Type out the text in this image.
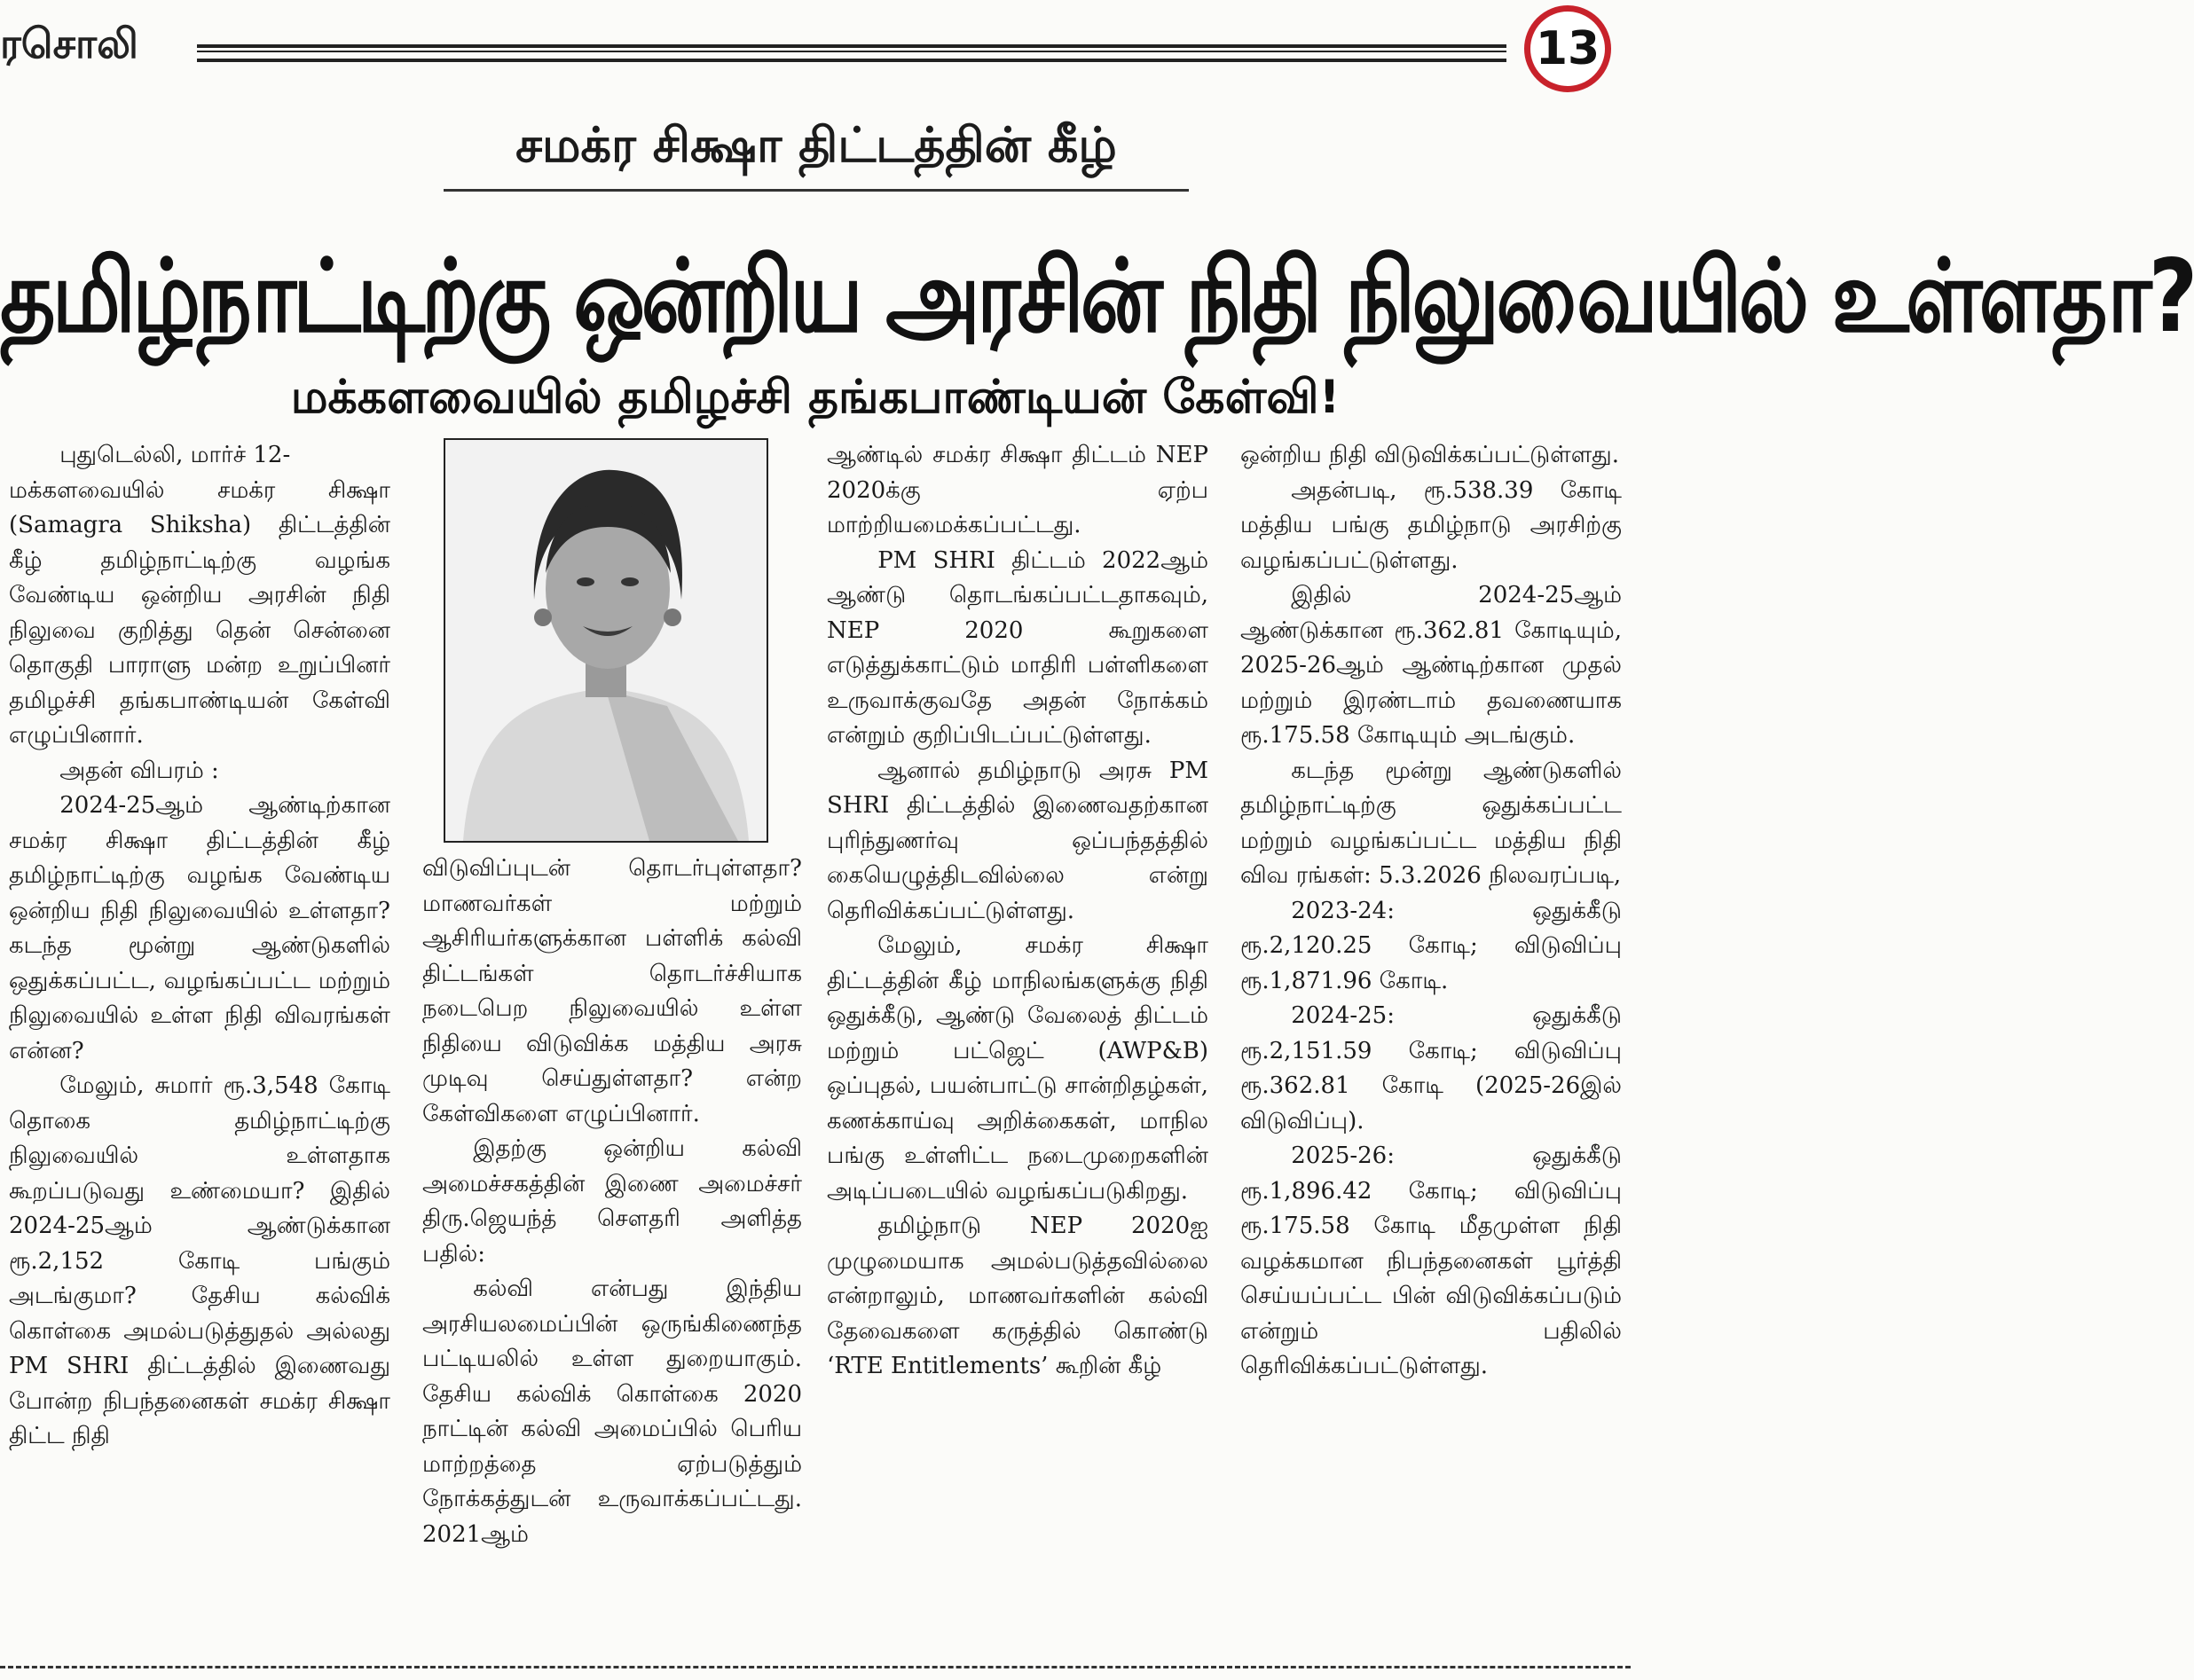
ரசொலி	13
சமக்ர சிக்ஷா திட்டத்தின் கீழ்
தமிழ்நாட்டிற்கு ஒன்றிய அரசின் நிதி நிலுவையில் உள்ளதா?
மக்களவையில் தமிழச்சி தங்கபாண்டியன் கேள்வி!

புதுடெல்லி, மார்ச் 12-

மக்களவையில் சமக்ர சிக்ஷா (Samagra Shiksha) திட்டத்தின் கீழ் தமிழ்நாட்டிற்கு வழங்க வேண்டிய ஒன்றிய அரசின் நிதி நிலுவை குறித்து தென் சென்னை தொகுதி பாராளு மன்ற உறுப்பினர் தமிழச்சி தங்கபாண்டியன் கேள்வி எழுப்பினார்.

அதன் விபரம் :

2024-25ஆம் ஆண்டிற்கான சமக்ர சிக்ஷா திட்டத்தின் கீழ் தமிழ்நாட்டிற்கு வழங்க வேண்டிய ஒன்றிய நிதி நிலுவையில் உள்ளதா? கடந்த மூன்று ஆண்டுகளில் ஒதுக்கப்பட்ட, வழங்கப்பட்ட மற்றும் நிலுவையில் உள்ள நிதி விவரங்கள் என்ன?

மேலும், சுமார் ரூ.3,548 கோடி தொகை தமிழ்நாட்டிற்கு நிலுவையில் உள்ளதாக கூறப்படுவது உண்மையா? இதில் 2024-25ஆம் ஆண்டுக்கான ரூ.2,152 கோடி பங்கும் அடங்குமா? தேசிய கல்விக் கொள்கை அமல்படுத்துதல் அல்லது PM SHRI திட்டத்தில் இணைவது போன்ற நிபந்தனைகள் சமக்ர சிக்ஷா திட்ட நிதி

விடுவிப்புடன் தொடர்புள்ளதா? மாணவர்கள் மற்றும் ஆசிரியர்களுக்கான பள்ளிக் கல்வி திட்டங்கள் தொடர்ச்சியாக நடைபெற நிலுவையில் உள்ள நிதியை விடுவிக்க மத்திய அரசு முடிவு செய்துள்ளதா? என்ற கேள்விகளை எழுப்பினார்.

இதற்கு ஒன்றிய கல்வி அமைச்சகத்தின் இணை அமைச்சர் திரு.ஜெயந்த் சௌதரி அளித்த பதில்:

கல்வி என்பது இந்திய அரசியலமைப்பின் ஒருங்கிணைந்த பட்டியலில் உள்ள துறையாகும். தேசிய கல்விக் கொள்கை 2020 நாட்டின் கல்வி அமைப்பில் பெரிய மாற்றத்தை ஏற்படுத்தும் நோக்கத்துடன் உருவாக்கப்பட்டது. 2021ஆம்

ஆண்டில் சமக்ர சிக்ஷா திட்டம் NEP 2020க்கு ஏற்ப மாற்றியமைக்கப்பட்டது.

PM SHRI திட்டம் 2022ஆம் ஆண்டு தொடங்கப்பட்டதாகவும், NEP 2020 கூறுகளை எடுத்துக்காட்டும் மாதிரி பள்ளிகளை உருவாக்குவதே அதன் நோக்கம் என்றும் குறிப்பிடப்பட்டுள்ளது.

ஆனால் தமிழ்நாடு அரசு PM SHRI திட்டத்தில் இணைவதற்கான புரிந்துணர்வு ஒப்பந்தத்தில் கையெழுத்திடவில்லை என்று தெரிவிக்கப்பட்டுள்ளது.

மேலும், சமக்ர சிக்ஷா திட்டத்தின் கீழ் மாநிலங்களுக்கு நிதி ஒதுக்கீடு, ஆண்டு வேலைத் திட்டம் மற்றும் பட்ஜெட் (AWP&B) ஒப்புதல், பயன்பாட்டு சான்றிதழ்கள், கணக்காய்வு அறிக்கைகள், மாநில பங்கு உள்ளிட்ட நடைமுறைகளின் அடிப்படையில் வழங்கப்படுகிறது.

தமிழ்நாடு NEP 2020ஐ முழுமையாக அமல்படுத்தவில்லை என்றாலும், மாணவர்களின் கல்வி தேவைகளை கருத்தில் கொண்டு ‘RTE Entitlements’ கூறின் கீழ்

ஒன்றிய நிதி விடுவிக்கப்பட்டுள்ளது.

அதன்படி, ரூ.538.39 கோடி மத்திய பங்கு தமிழ்நாடு அரசிற்கு வழங்கப்பட்டுள்ளது.

இதில் 2024-25ஆம் ஆண்டுக்கான ரூ.362.81 கோடியும், 2025-26ஆம் ஆண்டிற்கான முதல் மற்றும் இரண்டாம் தவணையாக ரூ.175.58 கோடியும் அடங்கும்.

கடந்த மூன்று ஆண்டுகளில் தமிழ்நாட்டிற்கு ஒதுக்கப்பட்ட மற்றும் வழங்கப்பட்ட மத்திய நிதி விவ ரங்கள்: 5.3.2026 நிலவரப்படி,

2023-24: ஒதுக்கீடு ரூ.2,120.25 கோடி; விடுவிப்பு ரூ.1,871.96 கோடி.

2024-25: ஒதுக்கீடு ரூ.2,151.59 கோடி; விடுவிப்பு ரூ.362.81 கோடி (2025-26இல் விடுவிப்பு).

2025-26: ஒதுக்கீடு ரூ.1,896.42 கோடி; விடுவிப்பு ரூ.175.58 கோடி மீதமுள்ள நிதி வழக்கமான நிபந்தனைகள் பூர்த்தி செய்யப்பட்ட பின் விடுவிக்கப்படும் என்றும் பதிலில் தெரிவிக்கப்பட்டுள்ளது.
